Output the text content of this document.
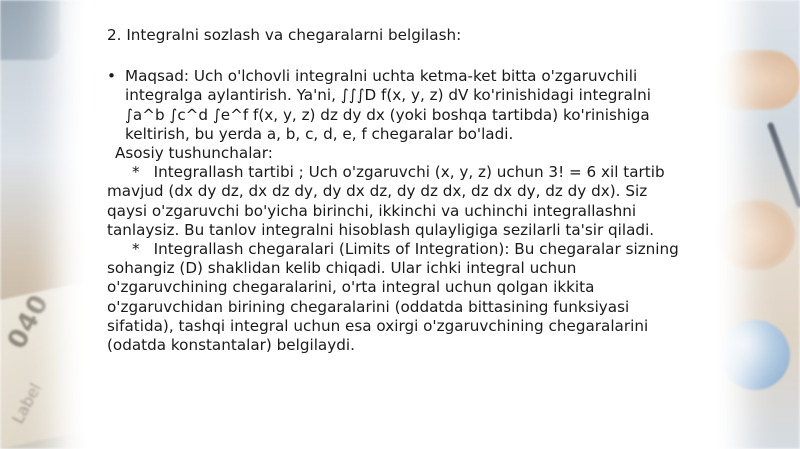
040
Label

2. Integralni sozlash va chegaralarni belgilash:

• Maqsad: Uch o'lchovli integralni uchta ketma-ket bitta o'zgaruvchili integralga aylantirish. Ya'ni, ∫∫∫D f(x, y, z) dV ko'rinishidagi integralni ∫a^b ∫c^d ∫e^f f(x, y, z) dz dy dx (yoki boshqa tartibda) ko'rinishiga keltirish, bu yerda a, b, c, d, e, f chegaralar bo'ladi.

Asosiy tushunchalar:

* Integrallash tartibi ; Uch o'zgaruvchi (x, y, z) uchun 3! = 6 xil tartib mavjud (dx dy dz, dx dz dy, dy dx dz, dy dz dx, dz dx dy, dz dy dx). Siz qaysi o'zgaruvchi bo'yicha birinchi, ikkinchi va uchinchi integrallashni tanlaysiz. Bu tanlov integralni hisoblash qulayligiga sezilarli ta'sir qiladi.

* Integrallash chegaralari (Limits of Integration): Bu chegaralar sizning sohangiz (D) shaklidan kelib chiqadi. Ular ichki integral uchun o'zgaruvchining chegaralarini, o'rta integral uchun qolgan ikkita o'zgaruvchidan birining chegaralarini (oddatda bittasining funksiyasi sifatida), tashqi integral uchun esa oxirgi o'zgaruvchining chegaralarini (odatda konstantalar) belgilaydi.
